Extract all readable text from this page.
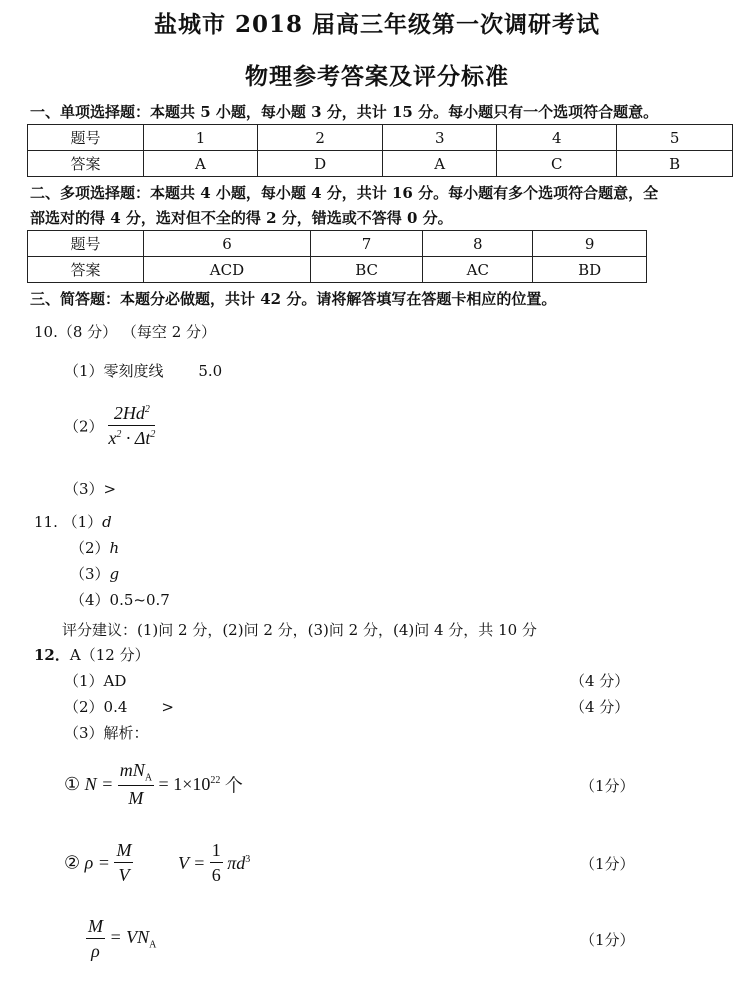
盐城市 2018 届高三年级第一次调研考试
物理参考答案及评分标准
一、单项选择题：本题共 5 小题，每小题 3 分，共计 15 分。每小题只有一个选项符合题意。
题号	1	2	3	4	5
答案	A	D	A	C	B
二、多项选择题：本题共 4 小题，每小题 4 分，共计 16 分。每小题有多个选项符合题意，全
部选对的得 4 分，选对但不全的得 2 分，错选或不答得 0 分。
题号	6	7	8	9
答案	ACD	BC	AC	BD
三、简答题：本题分必做题，共计 42 分。请将解答填写在答题卡相应的位置。
10.（8 分） （每空 2 分）
（1）零刻度线 5.0
$(2) \frac{2Hd^2}{x^2 \cdot \Delta t^2}$
（3）>
11. （1）d
（2）h
（3）g
（4）0.5~0.7
评分建议：(1)问 2 分，(2)问 2 分，(3)问 2 分，(4)问 4 分，共 10 分
12．A（12 分）
（1）AD	（4 分）
（2）0.4 >	（4 分）
（3）解析：
① $N = \frac{mN_A}{M} = 1\times 10^{22}$ 个	（1分）
② $\rho = \frac{M}{V}$ $V = \frac{1}{6} \pi d^3$	（1分）
$\frac{M}{\rho} = VN_A$	（1分）
